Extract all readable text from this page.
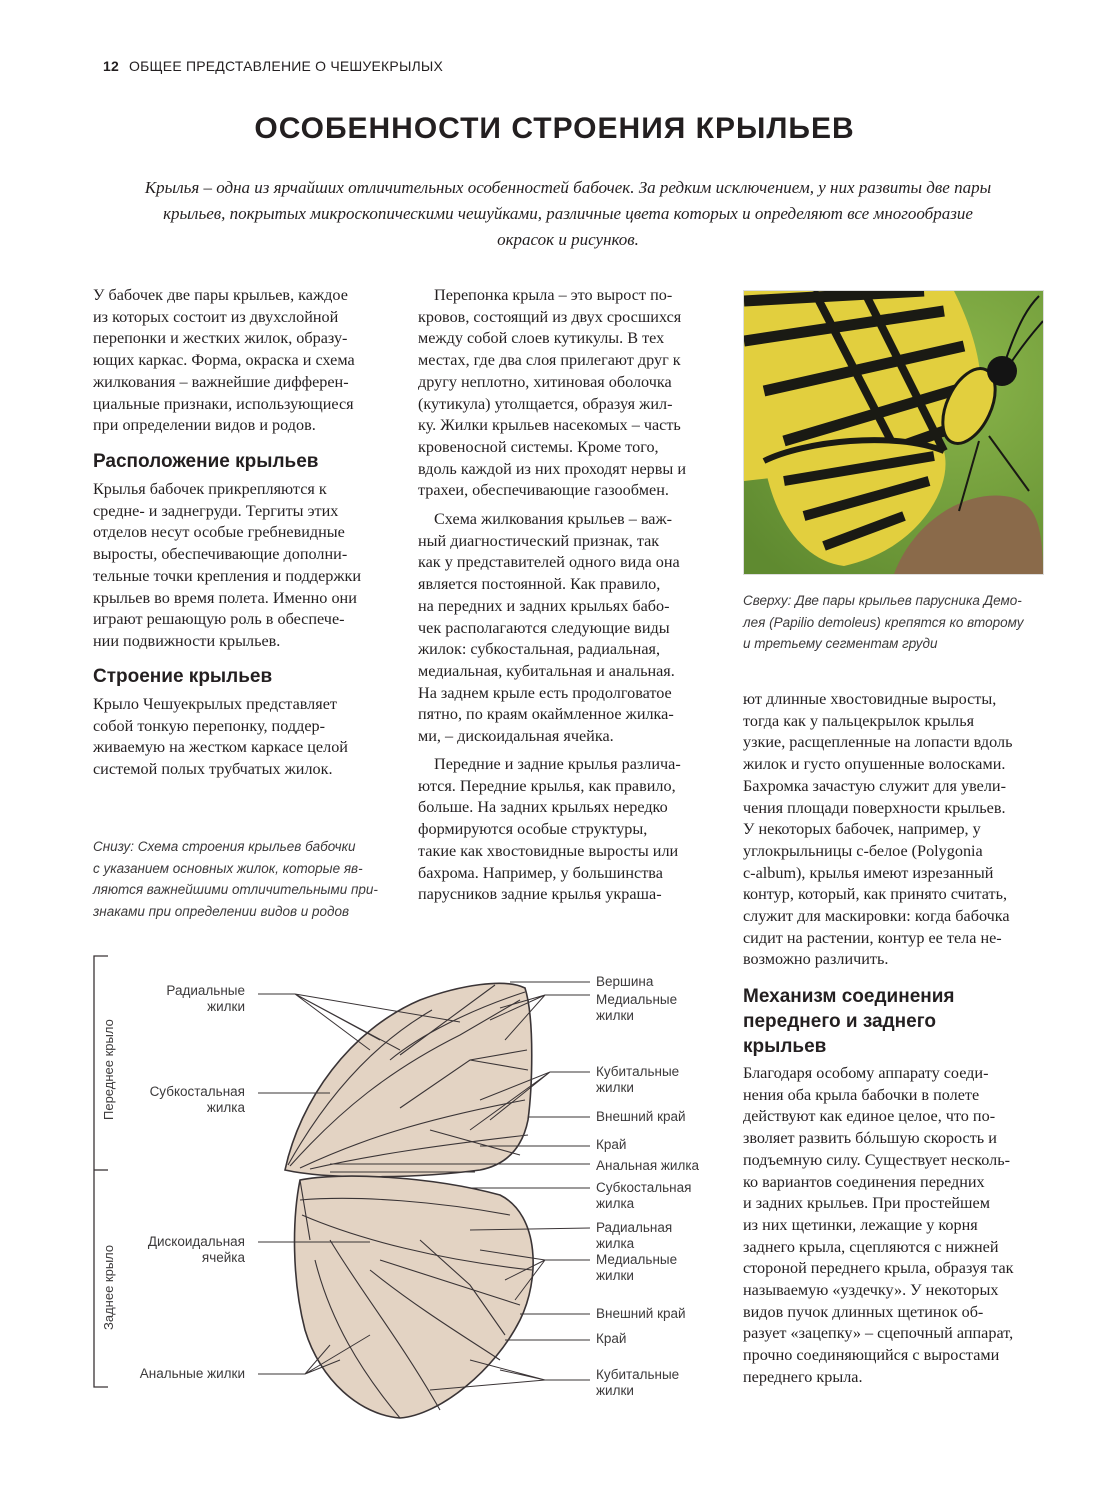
12 ОБЩЕЕ ПРЕДСТАВЛЕНИЕ О ЧЕШУЕКРЫЛЫХ
ОСОБЕННОСТИ СТРОЕНИЯ КРЫЛЬЕВ
Крылья – одна из ярчайших отличительных особенностей бабочек. За редким исключением, у них развиты две пары
крыльев, покрытых микроскопическими чешуйками, различные цвета которых и определяют все многообразие
окрасок и рисунков.
У бабочек две пары крыльев, каждое
из которых состоит из двухслойной
перепонки и жестких жилок, образу-
ющих каркас. Форма, окраска и схема
жилкования – важнейшие дифферен-
циальные признаки, использующиеся
при определении видов и родов.
Расположение крыльев
Крылья бабочек прикрепляются к
средне- и заднегруди. Тергиты этих
отделов несут особые гребневидные
выросты, обеспечивающие дополни-
тельные точки крепления и поддержки
крыльев во время полета. Именно они
играют решающую роль в обеспече-
нии подвижности крыльев.
Строение крыльев
Крыло Чешуекрылых представляет
собой тонкую перепонку, поддер-
живаемую на жестком каркасе целой
системой полых трубчатых жилок.
Снизу: Схема строения крыльев бабочки
с указанием основных жилок, которые яв-
ляются важнейшими отличительными при-
знаками при определении видов и родов
Перепонка крыла – это вырост по-
кровов, состоящий из двух сросшихся
между собой слоев кутикулы. В тех
местах, где два слоя прилегают друг к
другу неплотно, хитиновая оболочка
(кутикула) утолщается, образуя жил-
ку. Жилки крыльев насекомых – часть
кровеносной системы. Кроме того,
вдоль каждой из них проходят нервы и
трахеи, обеспечивающие газообмен.
Схема жилкования крыльев – важ-
ный диагностический признак, так
как у представителей одного вида она
является постоянной. Как правило,
на передних и задних крыльях бабо-
чек располагаются следующие виды
жилок: субкостальная, радиальная,
медиальная, кубитальная и анальная.
На заднем крыле есть продолговатое
пятно, по краям окаймленное жилка-
ми, – дискоидальная ячейка.
Передние и задние крылья различа-
ются. Передние крылья, как правило,
больше. На задних крыльях нередко
формируются особые структуры,
такие как хвостовидные выросты или
бахрома. Например, у большинства
парусников задние крылья украша-
Сверху: Две пары крыльев парусника Демо-
лея (Papilio demoleus) крепятся ко второму
и третьему сегментам груди
ют длинные хвостовидные выросты,
тогда как у пальцекрылок крылья
узкие, расщепленные на лопасти вдоль
жилок и густо опушенные волосками.
Бахромка зачастую служит для увели-
чения площади поверхности крыльев.
У некоторых бабочек, например, у
углокрыльницы с-белое (Polygonia
c-album), крылья имеют изрезанный
контур, который, как принято считать,
служит для маскировки: когда бабочка
сидит на растении, контур ее тела не-
возможно различить.
Механизм соединения
переднего и заднего
крыльев
Благодаря особому аппарату соеди-
нения оба крыла бабочки в полете
действуют как единое целое, что по-
зволяет развить бóльшую скорость и
подъемную силу. Существует несколь-
ко вариантов соединения передних
и задних крыльев. При простейшем
из них щетинки, лежащие у корня
заднего крыла, сцепляются с нижней
стороной переднего крыла, образуя так
называемую «уздечку». У некоторых
видов пучок длинных щетинок об-
разует «зацепку» – сцепочный аппарат,
прочно соединяющийся с выростами
переднего крыла.
Переднее крыло
Заднее крыло
Радиальные
жилки
Субкостальная
жилка
Дискоидальная
ячейка
Анальные жилки
Вершина
Медиальные
жилки
Кубитальные
жилки
Внешний край
Край
Анальная жилка
Субкостальная
жилка
Радиальная
жилка
Медиальные
жилки
Внешний край
Край
Кубитальные
жилки
